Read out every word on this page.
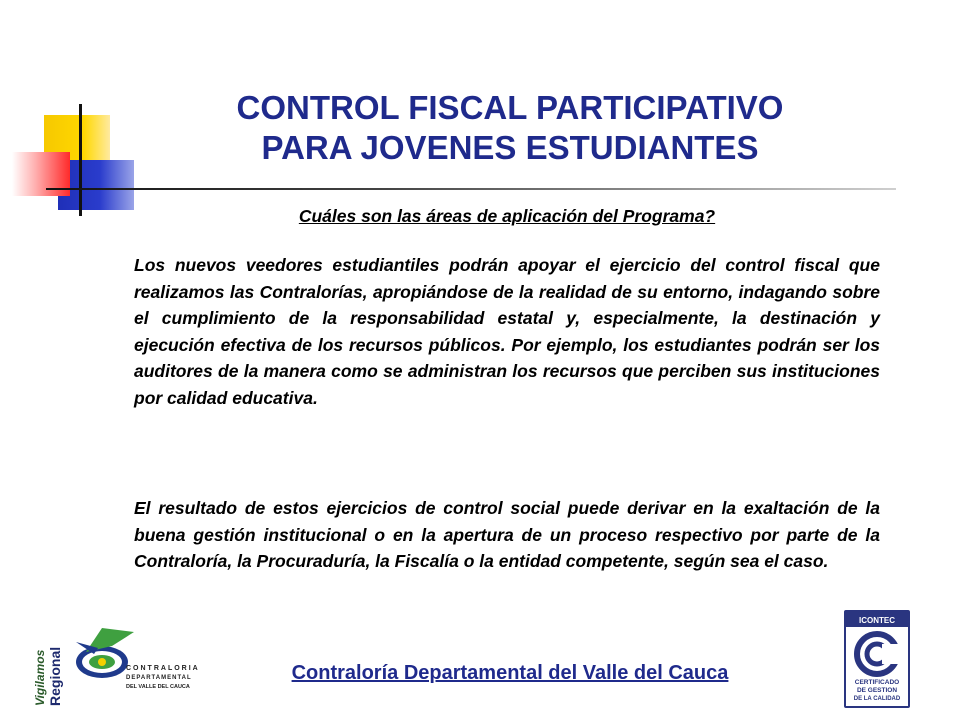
CONTROL FISCAL PARTICIPATIVO
PARA JOVENES ESTUDIANTES

Cuáles son las áreas de aplicación del Programa?

Los nuevos veedores estudiantiles podrán apoyar el ejercicio del control fiscal que realizamos las Contralorías, apropiándose de la realidad de su entorno, indagando sobre el cumplimiento de la responsabilidad estatal y, especialmente, la destinación y ejecución efectiva de los recursos públicos. Por ejemplo, los estudiantes podrán ser los auditores de la manera como se administran los recursos que perciben sus instituciones por calidad educativa.

El resultado de estos ejercicios de control social puede derivar en la exaltación de la buena gestión institucional o en la apertura de un proceso respectivo por parte de la Contraloría, la Procuraduría, la Fiscalía o la entidad competente, según sea el caso.

Contraloría Departamental del Valle del Cauca

Vigilamos Regional	CONTRALORIA
DEPARTAMENTAL
DEL VALLE DEL CAUCA
ICONTEC
CERTIFICADO
DE GESTION
DE LA CALIDAD
